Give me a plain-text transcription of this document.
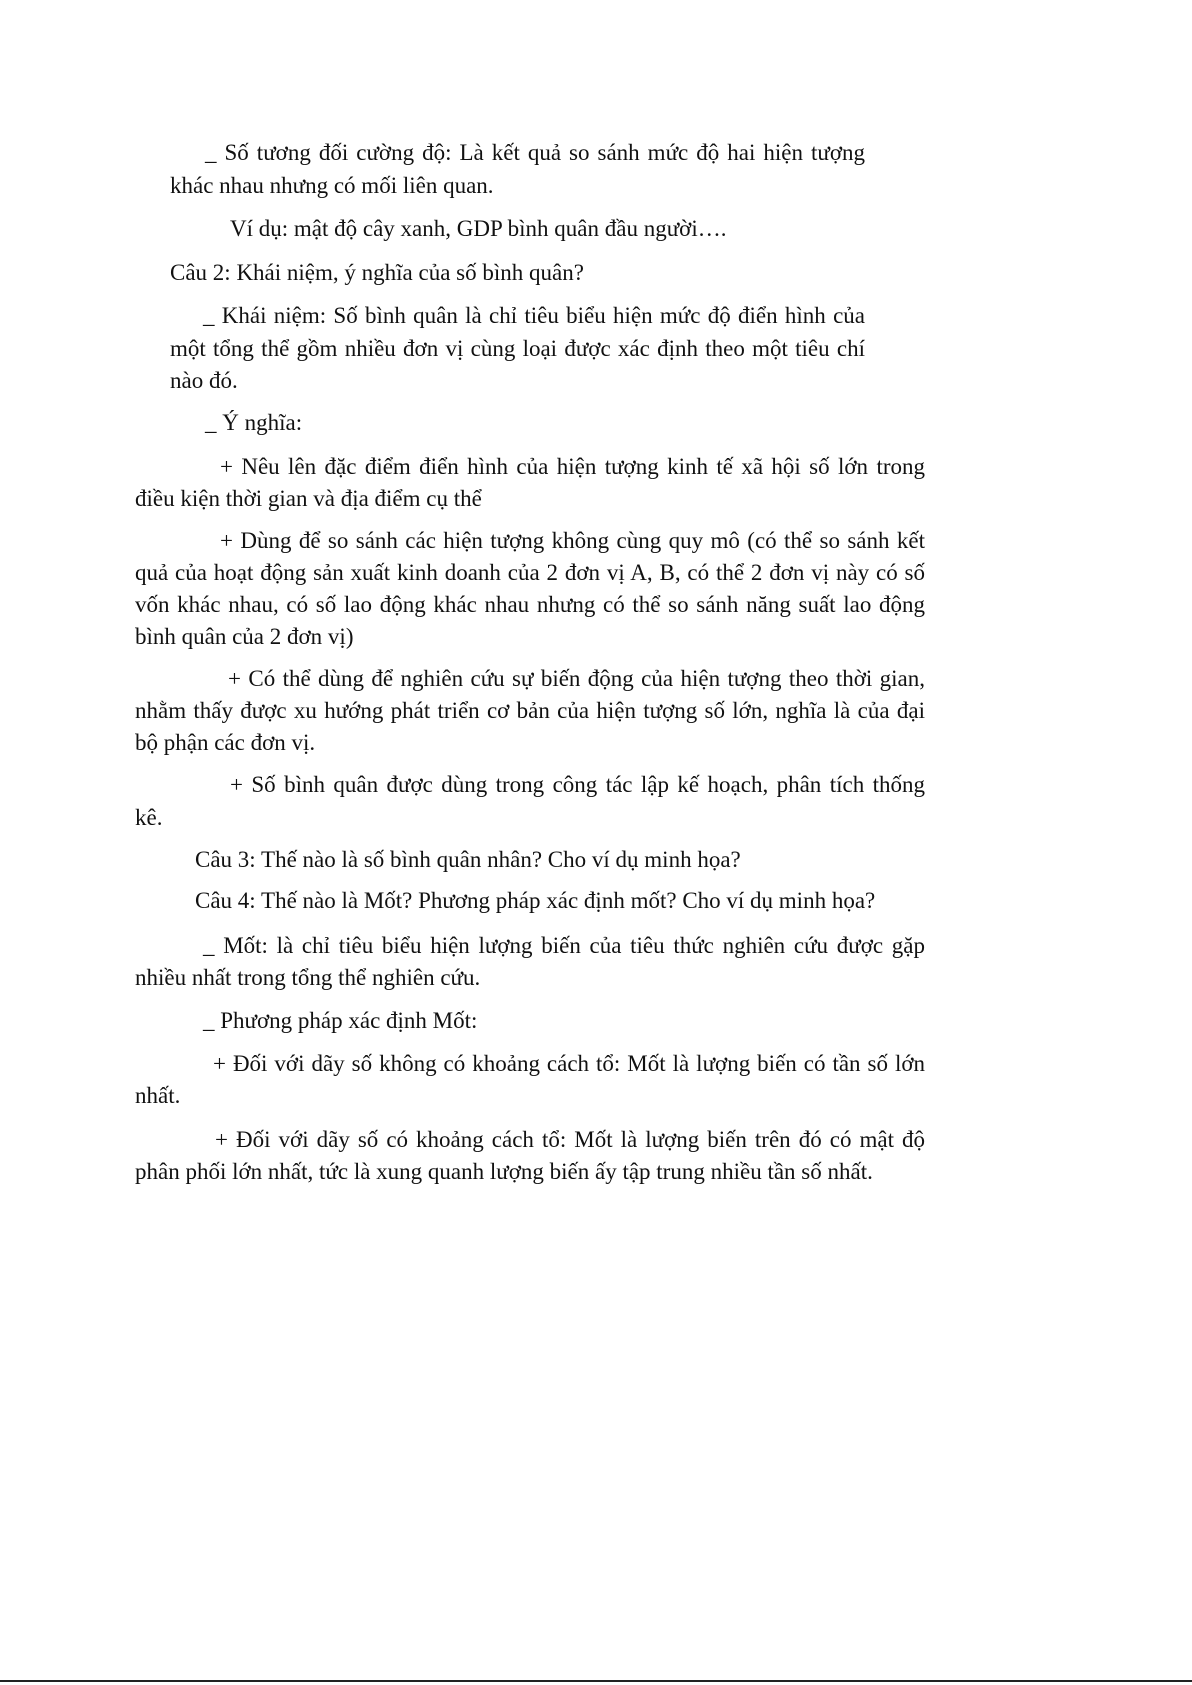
_ Số tương đối cường độ: Là kết quả so sánh mức độ hai hiện tượng

khác nhau nhưng có mối liên quan.

Ví dụ: mật độ cây xanh, GDP bình quân đầu người….

Câu 2: Khái niệm, ý nghĩa của số bình quân?

_ Khái niệm: Số bình quân là chỉ tiêu biểu hiện mức độ điển hình của

một tổng thể gồm nhiều đơn vị cùng loại được xác định theo một tiêu chí

nào đó.

_ Ý nghĩa:

+ Nêu lên đặc điểm điển hình của hiện tượng kinh tế xã hội số lớn trong

điều kiện thời gian và địa điểm cụ thể

+ Dùng để so sánh các hiện tượng không cùng quy mô (có thể so sánh kết

quả của hoạt động sản xuất kinh doanh của 2 đơn vị A, B, có thể 2 đơn vị này có số

vốn khác nhau, có số lao động khác nhau nhưng có thể so sánh năng suất lao động

bình quân của 2 đơn vị)

+ Có thể dùng để nghiên cứu sự biến động của hiện tượng theo thời gian,

nhằm thấy được xu hướng phát triển cơ bản của hiện tượng số lớn, nghĩa là của đại

bộ phận các đơn vị.

+ Số bình quân được dùng trong công tác lập kế hoạch, phân tích thống

kê.

Câu 3: Thế nào là số bình quân nhân? Cho ví dụ minh họa?

Câu 4: Thế nào là Mốt? Phương pháp xác định mốt? Cho ví dụ minh họa?

_ Mốt: là chỉ tiêu biểu hiện lượng biến của tiêu thức nghiên cứu được gặp

nhiều nhất trong tổng thể nghiên cứu.

_ Phương pháp xác định Mốt:

+ Đối với dãy số không có khoảng cách tổ: Mốt là lượng biến có tần số lớn

nhất.

+ Đối với dãy số có khoảng cách tổ: Mốt là lượng biến trên đó có mật độ

phân phối lớn nhất, tức là xung quanh lượng biến ấy tập trung nhiều tần số nhất.
